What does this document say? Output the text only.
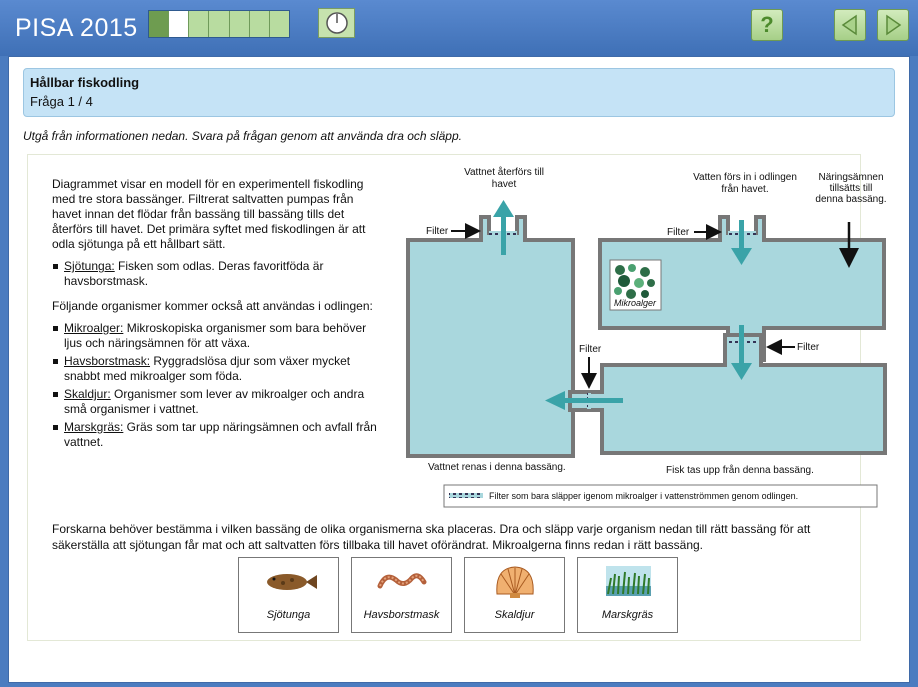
PISA 2015	?
Hållbar fiskodling
Fråga 1 / 4
Utgå från informationen nedan. Svara på frågan genom att använda dra och släpp.

Diagrammet visar en modell för en experimentell fiskodling med tre stora bassänger. Filtrerat saltvatten pumpas från havet innan det flödar från bassäng till bassäng tills det återförs till havet. Det primära syftet med fiskodlingen är att odla sjötunga på ett hållbart sätt.

Sjötunga: Fisken som odlas. Deras favoritföda är havsborstmask.

Följande organismer kommer också att användas i odlingen:

Mikroalger: Mikroskopiska organismer som bara behöver ljus och näringsämnen för att växa.
Havsborstmask: Ryggradslösa djur som växer mycket snabbt med mikroalger som föda.
Skaldjur: Organismer som lever av mikroalger och andra små organismer i vattnet.
Marskgräs: Gräs som tar upp näringsämnen och avfall från vattnet.
Mikroalger
Vattnet återförs till
havet
Vatten förs in i odlingen
från havet.
Näringsämnen
tillsätts till
denna bassäng.
Filter	Filter
Filter
Filter
Vattnet renas i denna bassäng.	Fisk tas upp från denna bassäng.
Filter som bara släpper igenom mikroalger i vattenströmmen genom odlingen.
Forskarna behöver bestämma i vilken bassäng de olika organismerna ska placeras. Dra och släpp varje organism nedan till rätt bassäng för att säkerställa att sjötungan får mat och att saltvatten förs tillbaka till havet oförändrat. Mikroalgerna finns redan i rätt bassäng.
Sjötunga	Havsborstmask	Skaldjur	Marskgräs
